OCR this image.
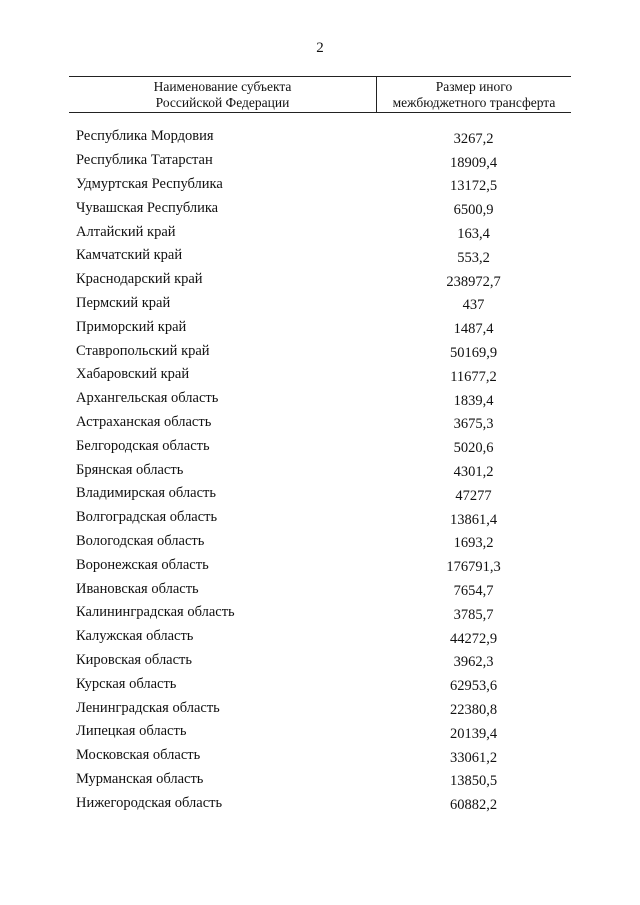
2
Наименование субъекта
Российской Федерации
Размер иного
межбюджетного трансферта
Республика Мордовия	3267,2
Республика Татарстан	18909,4
Удмуртская Республика	13172,5
Чувашская Республика	6500,9
Алтайский край	163,4
Камчатский край	553,2
Краснодарский край	238972,7
Пермский край	437
Приморский край	1487,4
Ставропольский край	50169,9
Хабаровский край	11677,2
Архангельская область	1839,4
Астраханская область	3675,3
Белгородская область	5020,6
Брянская область	4301,2
Владимирская область	47277
Волгоградская область	13861,4
Вологодская область	1693,2
Воронежская область	176791,3
Ивановская область	7654,7
Калининградская область	3785,7
Калужская область	44272,9
Кировская область	3962,3
Курская область	62953,6
Ленинградская область	22380,8
Липецкая область	20139,4
Московская область	33061,2
Мурманская область	13850,5
Нижегородская область	60882,2
